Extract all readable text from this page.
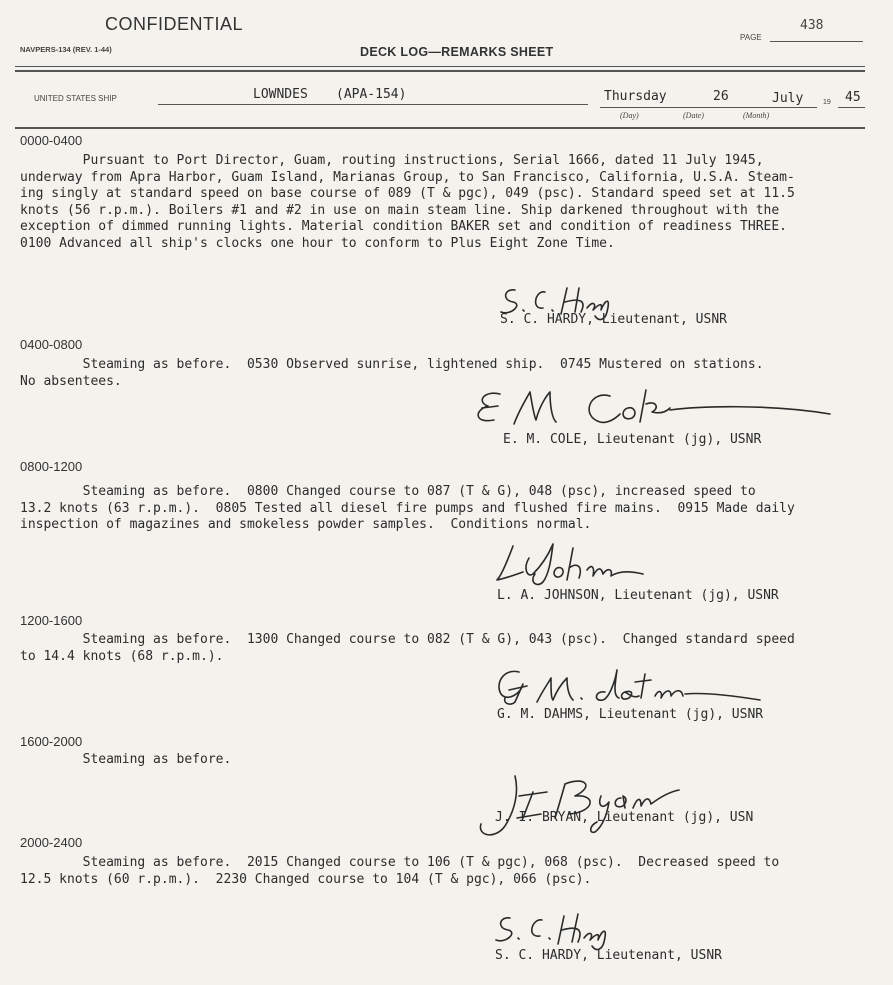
CONFIDENTIAL
NAVPERS-134 (REV. 1-44)	DECK LOG—REMARKS SHEET
PAGE
438
UNITED STATES SHIP	LOWNDES (APA-154)	Thursday	26	July
(Day)	(Date)	(Month)
19 45
0000-0400
Pursuant to Port Director, Guam, routing instructions, Serial 1666, dated 11 July 1945,
underway from Apra Harbor, Guam Island, Marianas Group, to San Francisco, California, U.S.A. Steam-
ing singly at standard speed on base course of 089 (T & pgc), 049 (psc). Standard speed set at 11.5
knots (56 r.p.m.). Boilers #1 and #2 in use on main steam line. Ship darkened throughout with the
exception of dimmed running lights. Material condition BAKER set and condition of readiness THREE.
0100 Advanced all ship's clocks one hour to conform to Plus Eight Zone Time.
S. C. HARDY, Lieutenant, USNR
0400-0800
Steaming as before.  0530 Observed sunrise, lightened ship.  0745 Mustered on stations.
No absentees.
E. M. COLE, Lieutenant (jg), USNR
0800-1200
Steaming as before.  0800 Changed course to 087 (T & G), 048 (psc), increased speed to
13.2 knots (63 r.p.m.).  0805 Tested all diesel fire pumps and flushed fire mains.  0915 Made daily
inspection of magazines and smokeless powder samples.  Conditions normal.
L. A. JOHNSON, Lieutenant (jg), USNR
1200-1600
Steaming as before.  1300 Changed course to 082 (T & G), 043 (psc).  Changed standard speed
to 14.4 knots (68 r.p.m.).
G. M. DAHMS, Lieutenant (jg), USNR
1600-2000
Steaming as before.
J. I. BRYAN, Lieutenant (jg), USN
2000-2400
Steaming as before.  2015 Changed course to 106 (T & pgc), 068 (psc).  Decreased speed to
12.5 knots (60 r.p.m.).  2230 Changed course to 104 (T & pgc), 066 (psc).
S. C. HARDY, Lieutenant, USNR
